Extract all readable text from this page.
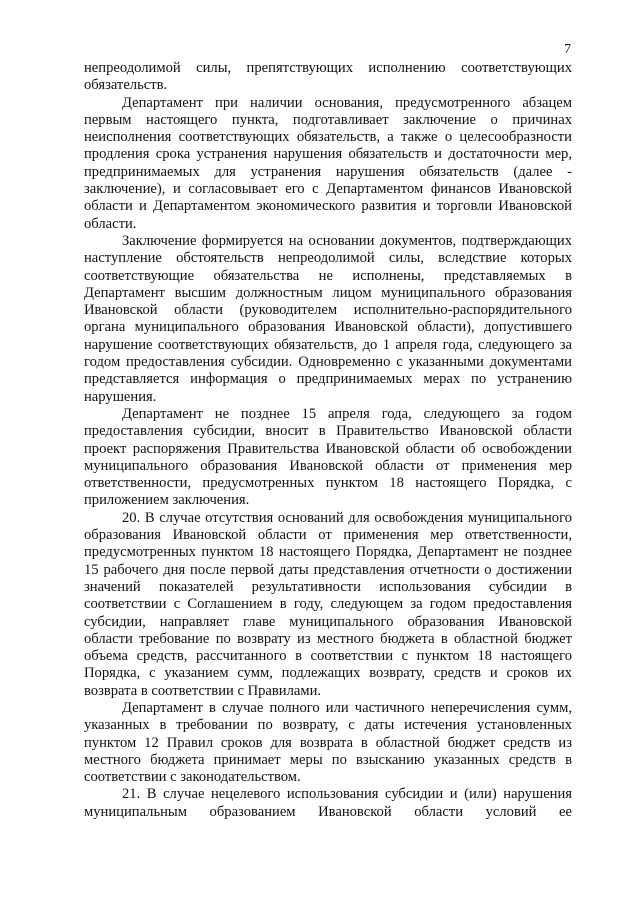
7

непреодолимой силы, препятствующих исполнению соответствующих обязательств.

Департамент при наличии основания, предусмотренного абзацем первым настоящего пункта, подготавливает заключение о причинах неисполнения соответствующих обязательств, а также о целесообразности продления срока устранения нарушения обязательств и достаточности мер, предпринимаемых для устранения нарушения обязательств (далее - заключение), и согласовывает его с Департаментом финансов Ивановской области и Департаментом экономического развития и торговли Ивановской области.

Заключение формируется на основании документов, подтверждающих наступление обстоятельств непреодолимой силы, вследствие которых соответствующие обязательства не исполнены, представляемых в Департамент высшим должностным лицом муниципального образования Ивановской области (руководителем исполнительно-распорядительного органа муниципального образования Ивановской области), допустившего нарушение соответствующих обязательств, до 1 апреля года, следующего за годом предоставления субсидии. Одновременно с указанными документами представляется информация о предпринимаемых мерах по устранению нарушения.

Департамент не позднее 15 апреля года, следующего за годом предоставления субсидии, вносит в Правительство Ивановской области проект распоряжения Правительства Ивановской области об освобождении муниципального образования Ивановской области от применения мер ответственности, предусмотренных пунктом 18 настоящего Порядка, с приложением заключения.

20. В случае отсутствия оснований для освобождения муниципального образования Ивановской области от применения мер ответственности, предусмотренных пунктом 18 настоящего Порядка, Департамент не позднее 15 рабочего дня после первой даты представления отчетности о достижении значений показателей результативности использования субсидии в соответствии с Соглашением в году, следующем за годом предоставления субсидии, направляет главе муниципального образования Ивановской области требование по возврату из местного бюджета в областной бюджет объема средств, рассчитанного в соответствии с пунктом 18 настоящего Порядка, с указанием сумм, подлежащих возврату, средств и сроков их возврата в соответствии с Правилами.

Департамент в случае полного или частичного неперечисления сумм, указанных в требовании по возврату, с даты истечения установленных пунктом 12 Правил сроков для возврата в областной бюджет средств из местного бюджета принимает меры по взысканию указанных средств в соответствии с законодательством.

21. В случае нецелевого использования субсидии и (или) нарушения муниципальным образованием Ивановской области условий ее
